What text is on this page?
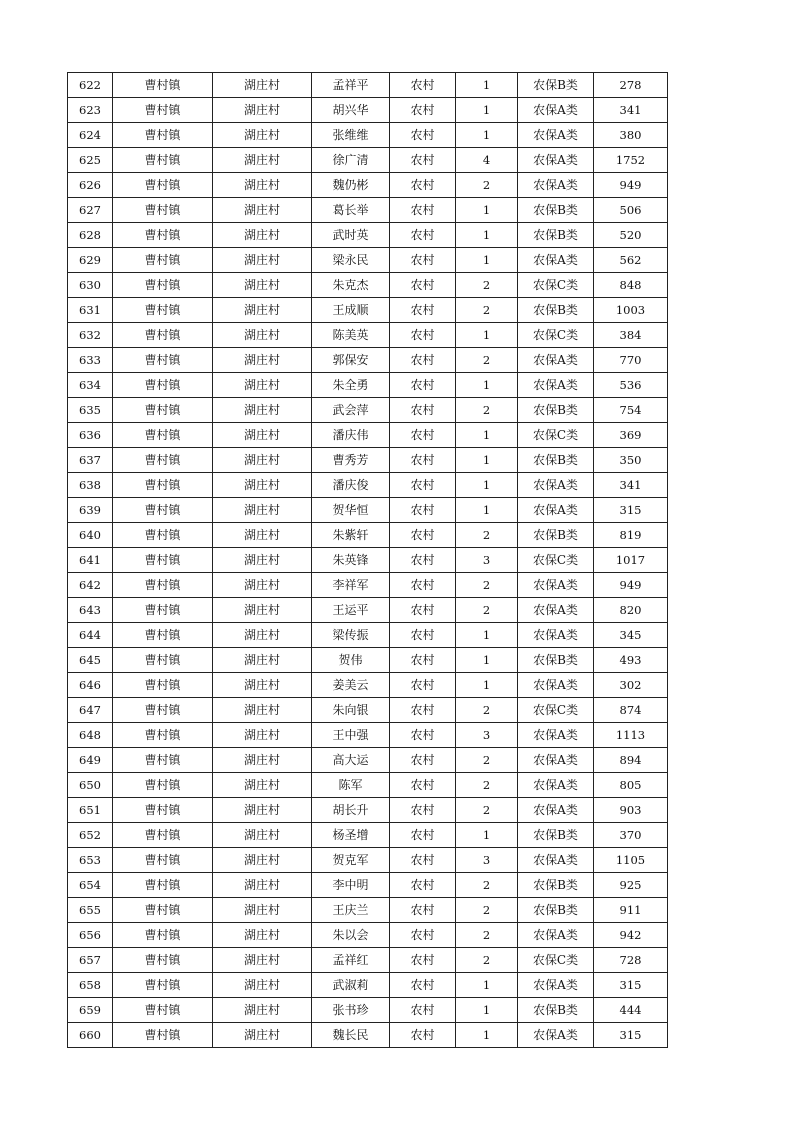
622	曹村镇	湖庄村	孟祥平	农村	1	农保B类	278
623	曹村镇	湖庄村	胡兴华	农村	1	农保A类	341
624	曹村镇	湖庄村	张维维	农村	1	农保A类	380
625	曹村镇	湖庄村	徐广清	农村	4	农保A类	1752
626	曹村镇	湖庄村	魏仍彬	农村	2	农保A类	949
627	曹村镇	湖庄村	葛长举	农村	1	农保B类	506
628	曹村镇	湖庄村	武时英	农村	1	农保B类	520
629	曹村镇	湖庄村	梁永民	农村	1	农保A类	562
630	曹村镇	湖庄村	朱克杰	农村	2	农保C类	848
631	曹村镇	湖庄村	王成顺	农村	2	农保B类	1003
632	曹村镇	湖庄村	陈美英	农村	1	农保C类	384
633	曹村镇	湖庄村	郭保安	农村	2	农保A类	770
634	曹村镇	湖庄村	朱全勇	农村	1	农保A类	536
635	曹村镇	湖庄村	武会萍	农村	2	农保B类	754
636	曹村镇	湖庄村	潘庆伟	农村	1	农保C类	369
637	曹村镇	湖庄村	曹秀芳	农村	1	农保B类	350
638	曹村镇	湖庄村	潘庆俊	农村	1	农保A类	341
639	曹村镇	湖庄村	贺华恒	农村	1	农保A类	315
640	曹村镇	湖庄村	朱紫轩	农村	2	农保B类	819
641	曹村镇	湖庄村	朱英锋	农村	3	农保C类	1017
642	曹村镇	湖庄村	李祥军	农村	2	农保A类	949
643	曹村镇	湖庄村	王运平	农村	2	农保A类	820
644	曹村镇	湖庄村	梁传振	农村	1	农保A类	345
645	曹村镇	湖庄村	贺伟	农村	1	农保B类	493
646	曹村镇	湖庄村	姜美云	农村	1	农保A类	302
647	曹村镇	湖庄村	朱向银	农村	2	农保C类	874
648	曹村镇	湖庄村	王中强	农村	3	农保A类	1113
649	曹村镇	湖庄村	高大运	农村	2	农保A类	894
650	曹村镇	湖庄村	陈军	农村	2	农保A类	805
651	曹村镇	湖庄村	胡长升	农村	2	农保A类	903
652	曹村镇	湖庄村	杨圣增	农村	1	农保B类	370
653	曹村镇	湖庄村	贺克军	农村	3	农保A类	1105
654	曹村镇	湖庄村	李中明	农村	2	农保B类	925
655	曹村镇	湖庄村	王庆兰	农村	2	农保B类	911
656	曹村镇	湖庄村	朱以会	农村	2	农保A类	942
657	曹村镇	湖庄村	孟祥红	农村	2	农保C类	728
658	曹村镇	湖庄村	武淑莉	农村	1	农保A类	315
659	曹村镇	湖庄村	张书珍	农村	1	农保B类	444
660	曹村镇	湖庄村	魏长民	农村	1	农保A类	315
